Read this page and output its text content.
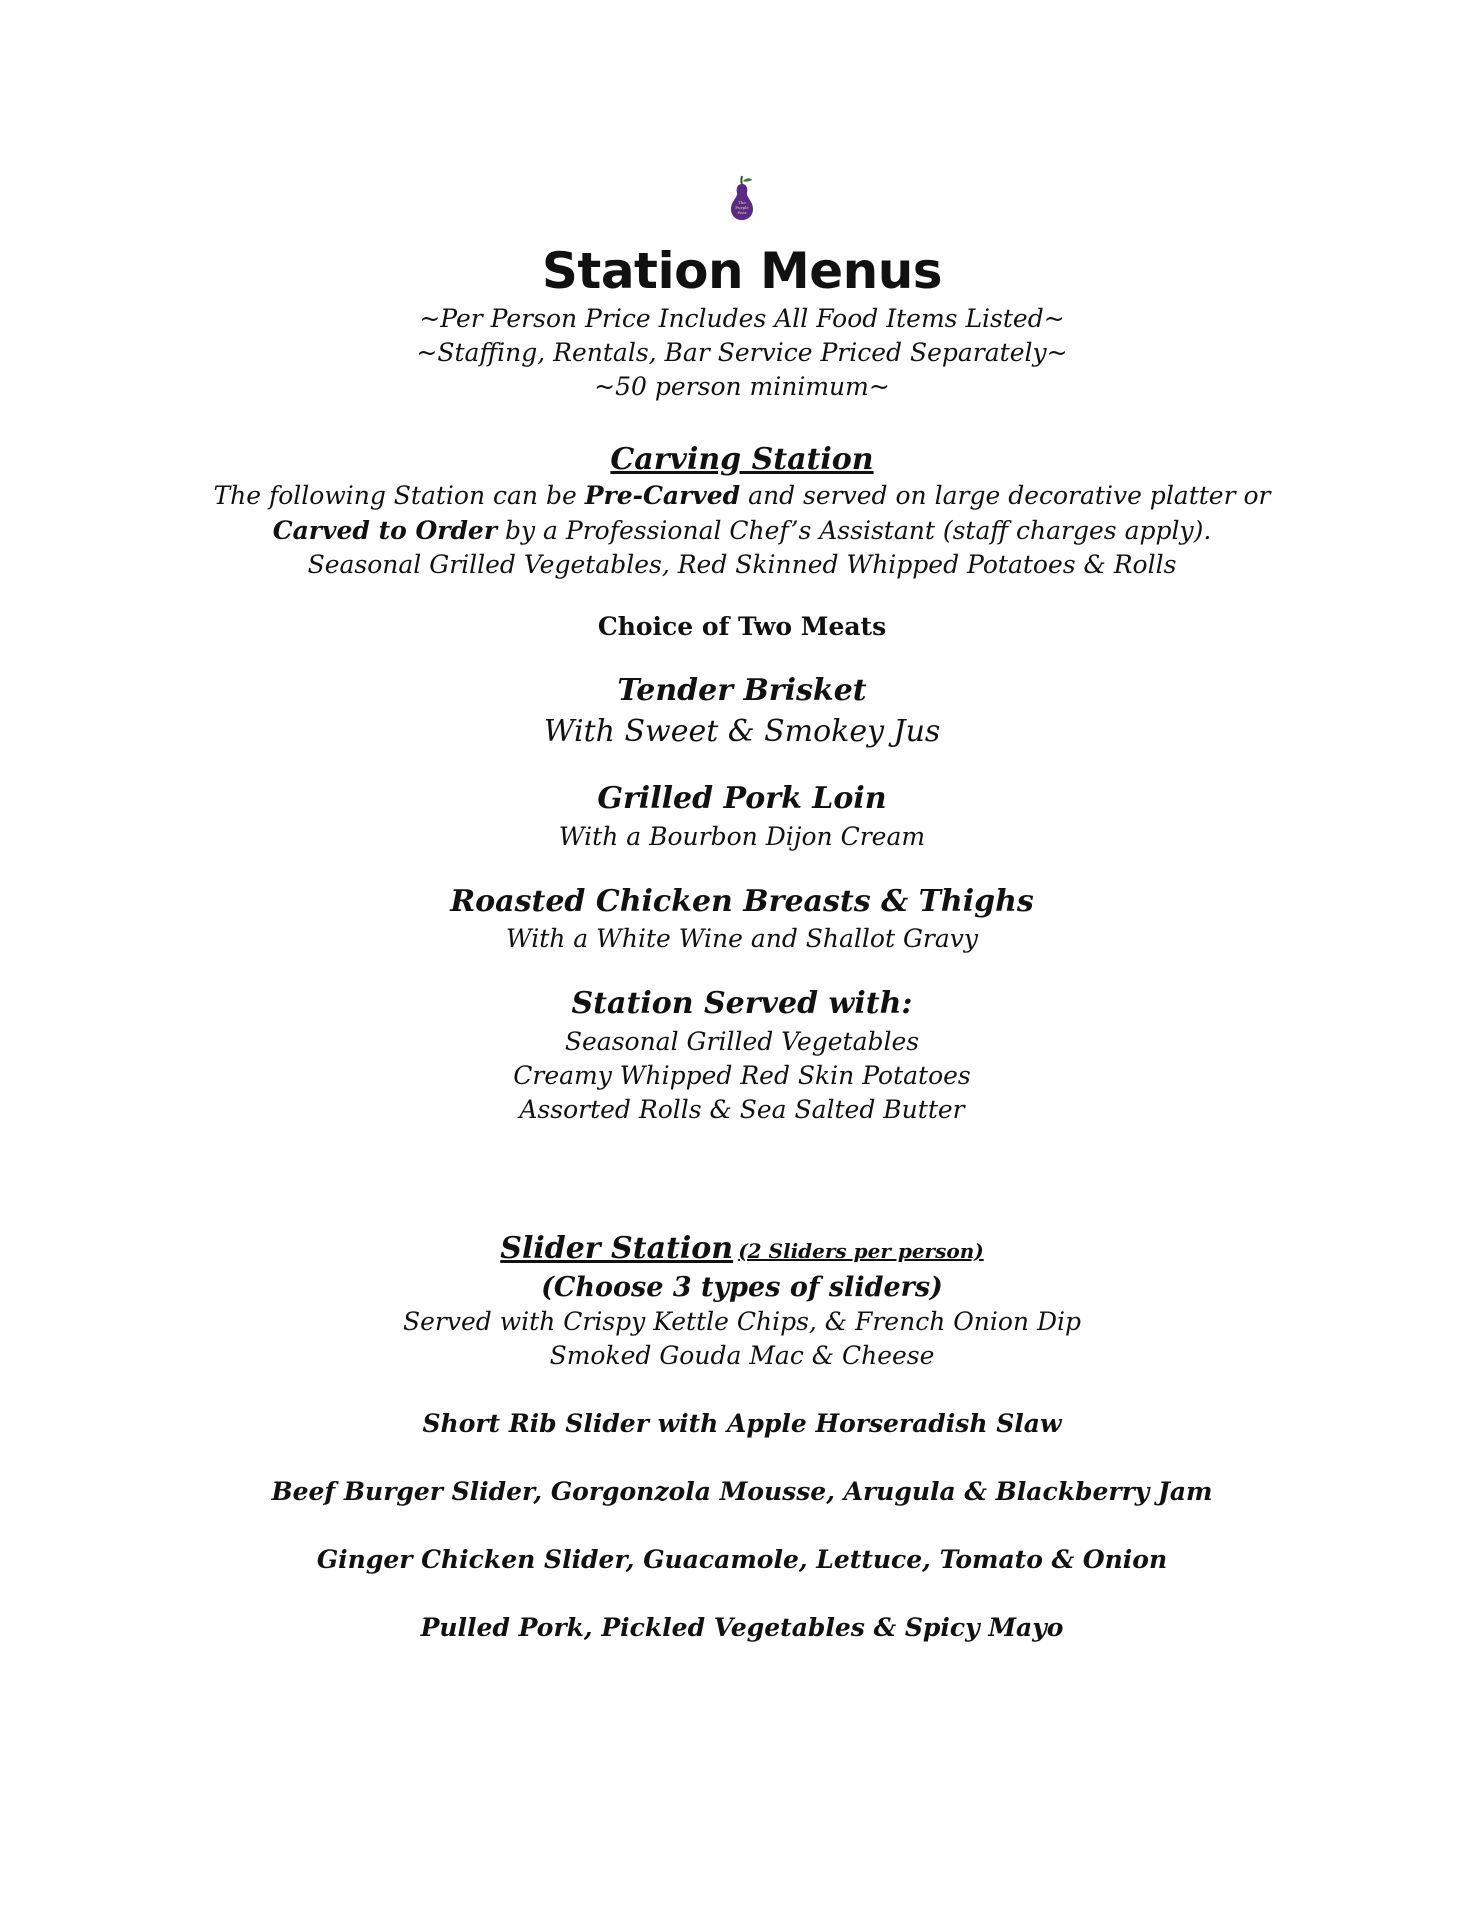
The
Purple
Pear
Station Menus
~Per Person Price Includes All Food Items Listed~
~Staffing, Rentals, Bar Service Priced Separately~
~50 person minimum~
Carving Station
The following Station can be Pre-Carved and served on large decorative platter or
Carved to Order by a Professional Chef’s Assistant (staff charges apply).
Seasonal Grilled Vegetables, Red Skinned Whipped Potatoes & Rolls
Choice of Two Meats
Tender Brisket
With Sweet & Smokey Jus
Grilled Pork Loin
With a Bourbon Dijon Cream
Roasted Chicken Breasts & Thighs
With a White Wine and Shallot Gravy
Station Served with:
Seasonal Grilled Vegetables
Creamy Whipped Red Skin Potatoes
Assorted Rolls & Sea Salted Butter
Slider Station (2 Sliders per person)
(Choose 3 types of sliders)
Served with Crispy Kettle Chips, & French Onion Dip
Smoked Gouda Mac & Cheese
Short Rib Slider with Apple Horseradish Slaw
Beef Burger Slider, Gorgonzola Mousse, Arugula & Blackberry Jam
Ginger Chicken Slider, Guacamole, Lettuce, Tomato & Onion
Pulled Pork, Pickled Vegetables & Spicy Mayo
